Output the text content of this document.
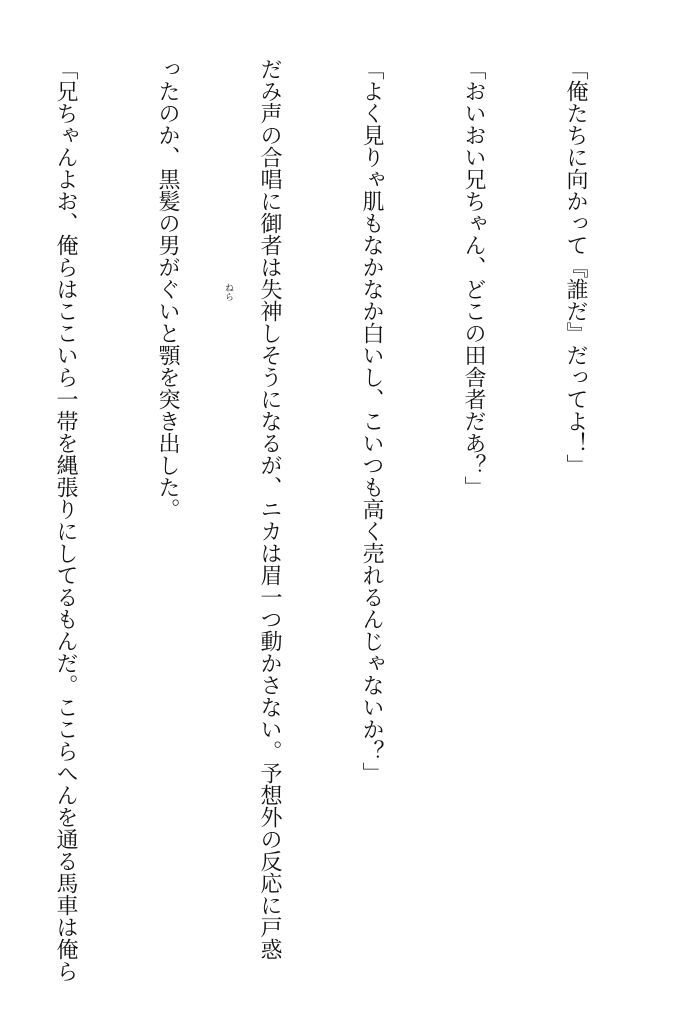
「俺たちに向かって『誰だ』だってよ！」

「おいおい兄ちゃん、どこの田舎者だあ？」

「よく見りゃ肌もなかなか白いし、こいつも高く売れるんじゃないか？」

だみ声の合唱に御者は失神しそうになるが、ニカは眉一つ動かさない。予想外の反応に戸惑

ったのか、黒髪の男がぐいと顎を突き出した。

「兄ちゃんよお、俺らはここいら一帯を縄張りにしてるもんだ。ここらへんを通る馬車は俺ら

	ねら
